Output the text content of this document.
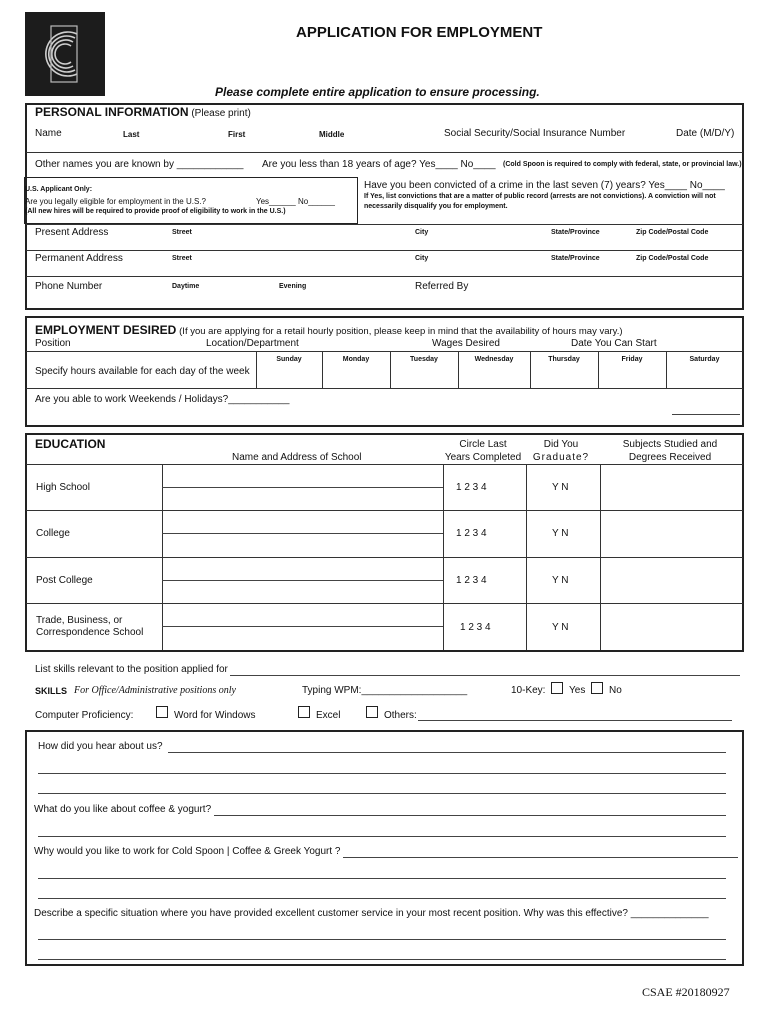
APPLICATION FOR EMPLOYMENT
Please complete entire application to ensure processing.
PERSONAL INFORMATION (Please print)
Name	Last	First	Middle	Social Security/Social Insurance Number	Date (M/D/Y)
Other names you are known by ____________ Are you less than 18 years of age? Yes____ No____ (Cold Spoon is required to comply with federal, state, or provincial law.)
U.S. Applicant Only:
Are you legally eligible for employment in the U.S.?	Yes______ No______
(All new hires will be required to provide proof of eligibility to work in the U.S.)
Have you been convicted of a crime in the last seven (7) years? Yes____ No____
If Yes, list convictions that are a matter of public record (arrests are not convictions). A conviction will not
necessarily disqualify you for employment.
Present Address	Street	City	State/Province	Zip Code/Postal Code
Permanent Address	Street	City	State/Province	Zip Code/Postal Code
Phone Number	Daytime	Evening	Referred By
EMPLOYMENT DESIRED (If you are applying for a retail hourly position, please keep in mind that the availability of hours may vary.)
Position	Location/Department	Wages Desired	Date You Can Start
Specify hours available for each day of the week
Sunday	Monday	Tuesday	Wednesday	Thursday	Friday	Saturday
Are you able to work Weekends / Holidays?___________
EDUCATION
Name and Address of School
Circle Last
Years Completed
Did You
Graduate?
Subjects Studied and
Degrees Received
High School	1 2 3 4	Y N
College	1 2 3 4	Y N
Post College	1 2 3 4	Y N
Trade, Business, or
Correspondence School	1 2 3 4	Y N
List skills relevant to the position applied for
SKILLS For Office/Administrative positions only	Typing WPM:___________________	10-Key: Yes No
Computer Proficiency:	Word for Windows	Excel	Others:
How did you hear about us?
What do you like about coffee & yogurt?
Why would you like to work for Cold Spoon | Coffee & Greek Yogurt ?
Describe a specific situation where you have provided excellent customer service in your most recent position. Why was this effective? ______________
CSAE #20180927
